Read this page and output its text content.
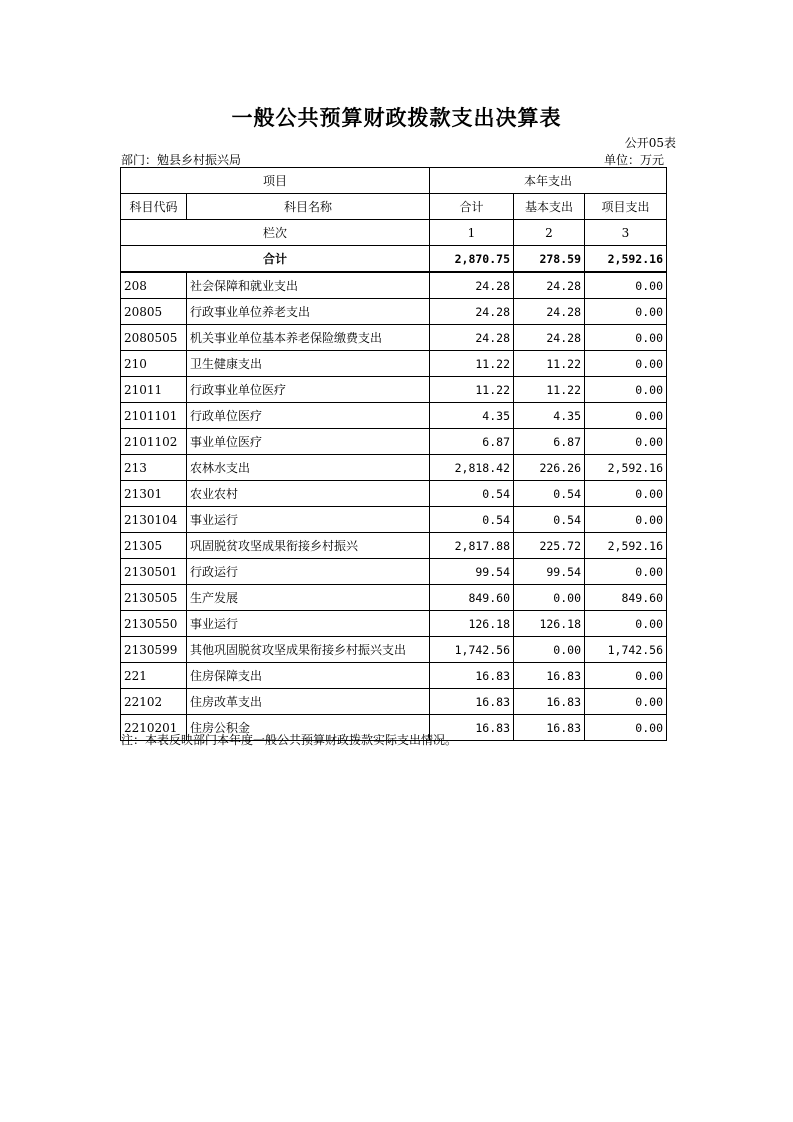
一般公共预算财政拨款支出决算表
公开05表
部门：勉县乡村振兴局	单位：万元
项目		本年支出		
科目代码	科目名称	合计	基本支出	项目支出
栏次		1	2	3
合计		2,870.75	278.59	2,592.16
208	社会保障和就业支出	24.28	24.28	0.00
20805	行政事业单位养老支出	24.28	24.28	0.00
2080505	机关事业单位基本养老保险缴费支出	24.28	24.28	0.00
210	卫生健康支出	11.22	11.22	0.00
21011	行政事业单位医疗	11.22	11.22	0.00
2101101	行政单位医疗	4.35	4.35	0.00
2101102	事业单位医疗	6.87	6.87	0.00
213	农林水支出	2,818.42	226.26	2,592.16
21301	农业农村	0.54	0.54	0.00
2130104	事业运行	0.54	0.54	0.00
21305	巩固脱贫攻坚成果衔接乡村振兴	2,817.88	225.72	2,592.16
2130501	行政运行	99.54	99.54	0.00
2130505	生产发展	849.60	0.00	849.60
2130550	事业运行	126.18	126.18	0.00
2130599	其他巩固脱贫攻坚成果衔接乡村振兴支出	1,742.56	0.00	1,742.56
221	住房保障支出	16.83	16.83	0.00
22102	住房改革支出	16.83	16.83	0.00
2210201	住房公积金	16.83	16.83	0.00
注：本表反映部门本年度一般公共预算财政拨款实际支出情况。
